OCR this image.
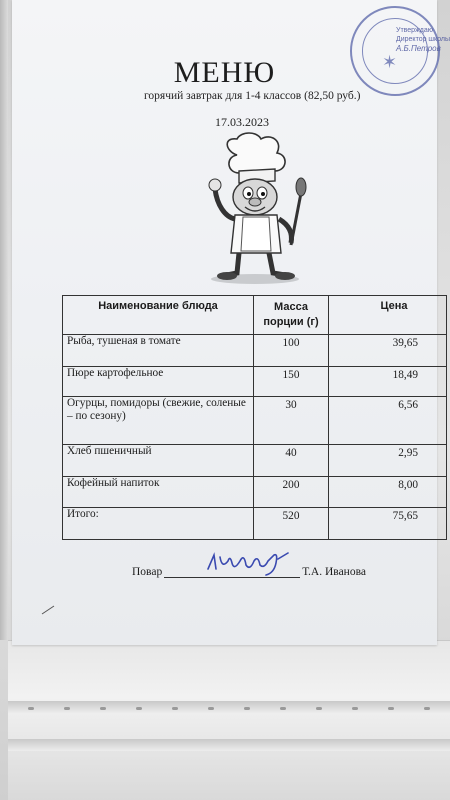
Утверждаю
Директор школы
А.Б.Петров
✶
МЕНЮ
горячий завтрак для 1-4 классов (82,50 руб.)
17.03.2023
Наименование блюда	Масса порции (г)	Цена
Рыба, тушеная в томате	100	39,65
Пюре картофельное	150	18,49
Огурцы, помидоры (свежие, соленые – по сезону)	30	6,56
Хлеб пшеничный	40	2,95
Кофейный напиток	200	8,00
Итого:	520	75,65
Повар	Т.А. Иванова
